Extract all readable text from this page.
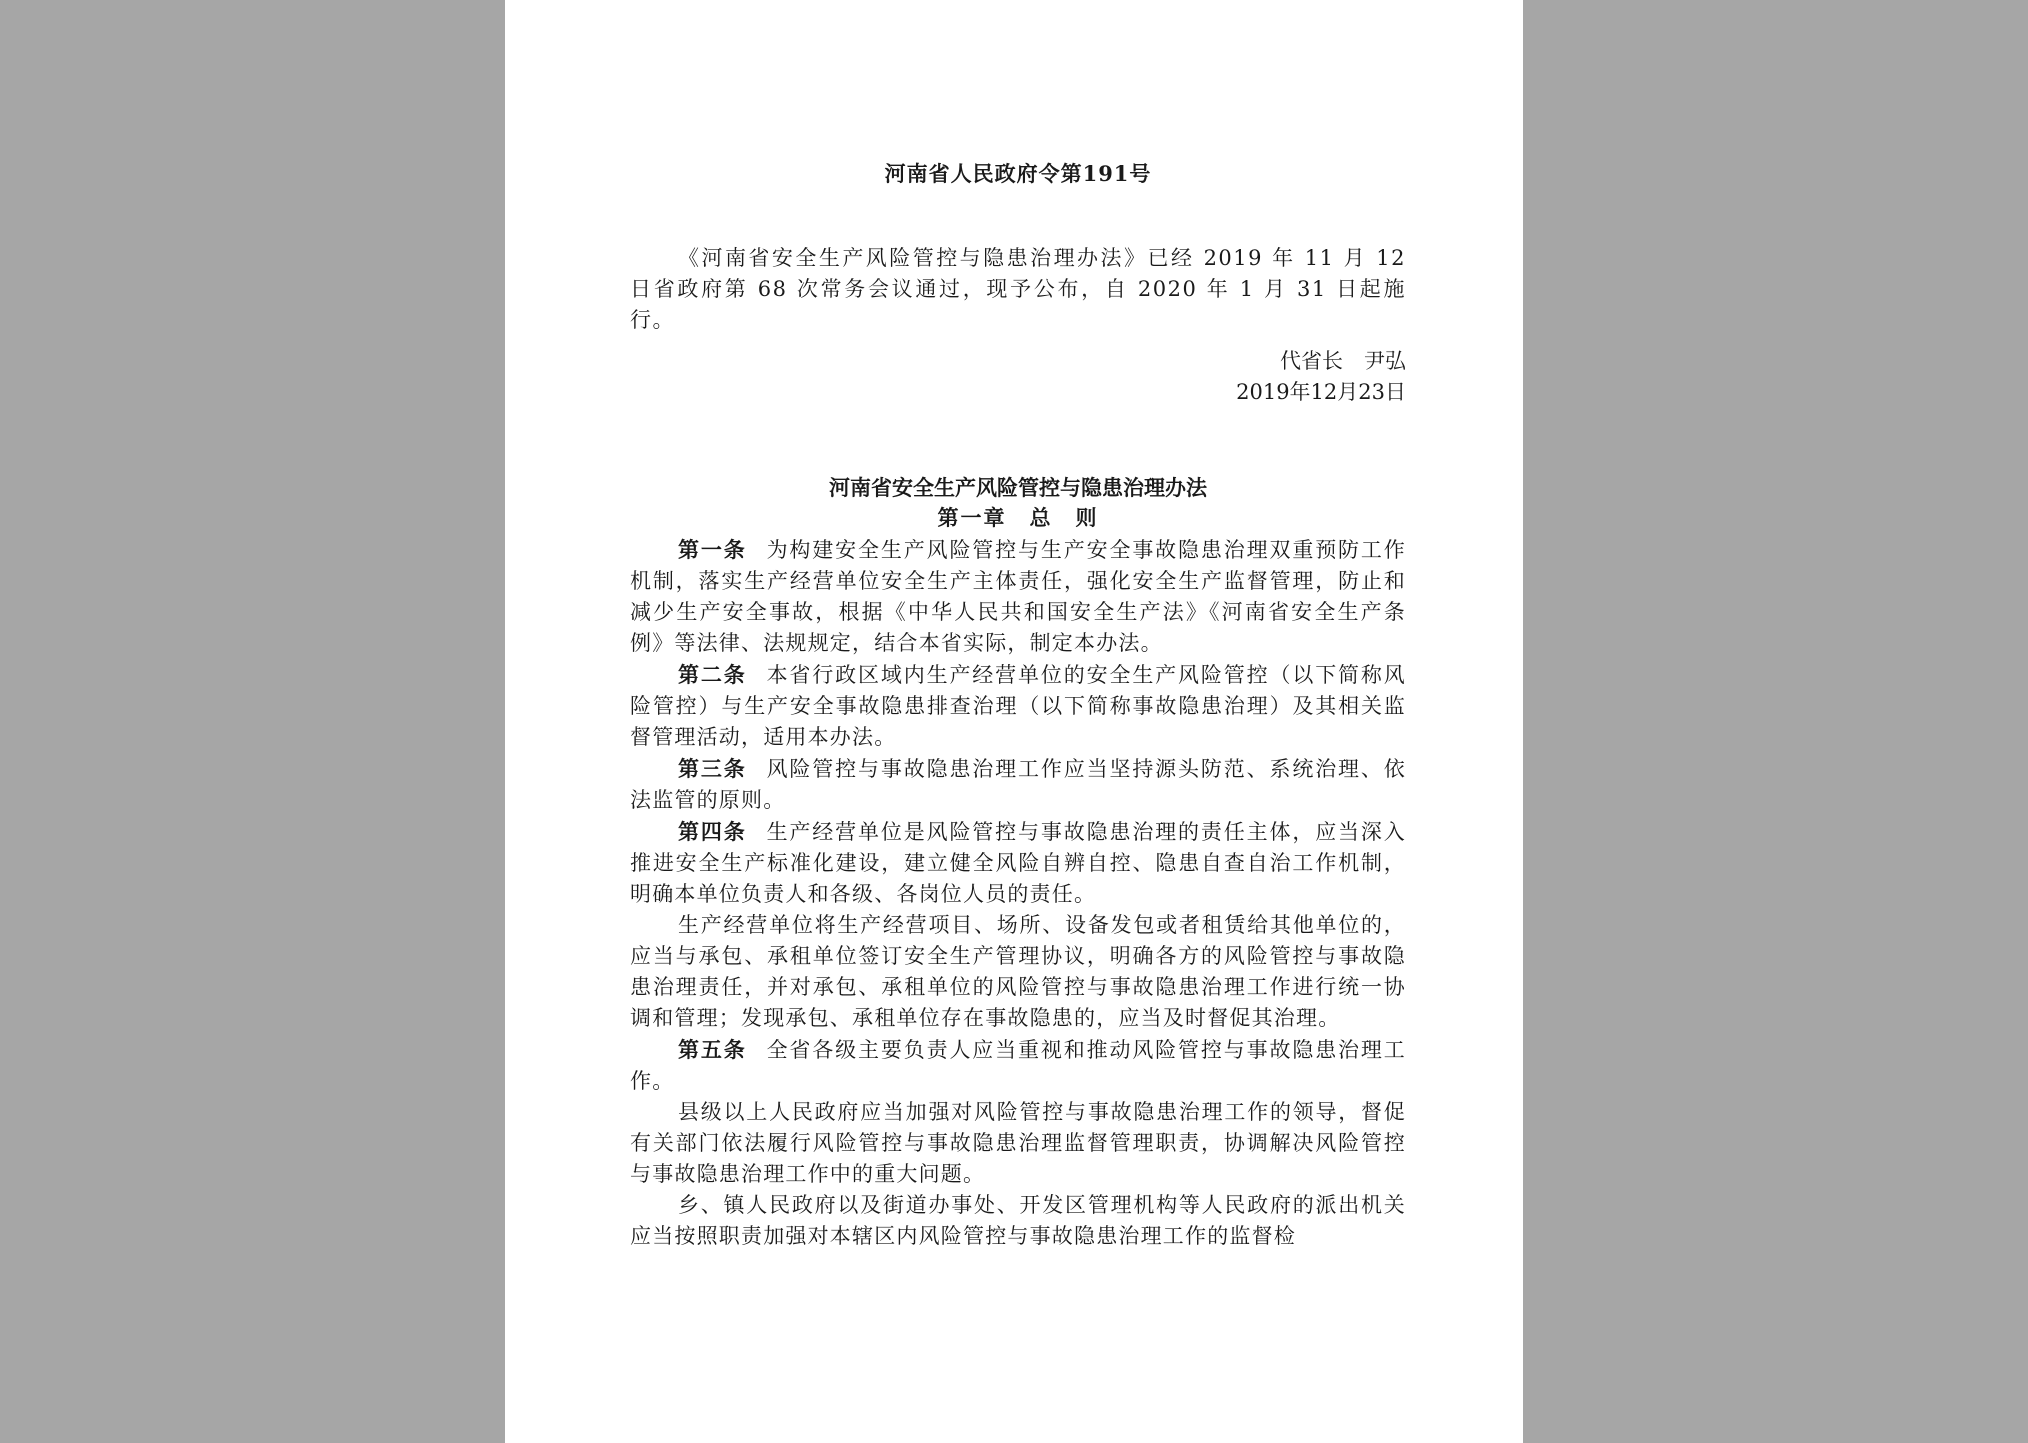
河南省人民政府令第191号

《河南省安全生产风险管控与隐患治理办法》已经 2019 年 11 月 12 日省政府第 68 次常务会议通过，现予公布，自 2020 年 1 月 31 日起施行。

代省长　尹弘
2019年12月23日
河南省安全生产风险管控与隐患治理办法
第一章　总　则

第一条 为构建安全生产风险管控与生产安全事故隐患治理双重预防工作机制，落实生产经营单位安全生产主体责任，强化安全生产监督管理，防止和减少生产安全事故，根据《中华人民共和国安全生产法》《河南省安全生产条例》等法律、法规规定，结合本省实际，制定本办法。

第二条 本省行政区域内生产经营单位的安全生产风险管控（以下简称风险管控）与生产安全事故隐患排查治理（以下简称事故隐患治理）及其相关监督管理活动，适用本办法。

第三条 风险管控与事故隐患治理工作应当坚持源头防范、系统治理、依法监管的原则。

第四条 生产经营单位是风险管控与事故隐患治理的责任主体，应当深入推进安全生产标准化建设，建立健全风险自辨自控、隐患自查自治工作机制，明确本单位负责人和各级、各岗位人员的责任。

生产经营单位将生产经营项目、场所、设备发包或者租赁给其他单位的，应当与承包、承租单位签订安全生产管理协议，明确各方的风险管控与事故隐患治理责任，并对承包、承租单位的风险管控与事故隐患治理工作进行统一协调和管理；发现承包、承租单位存在事故隐患的，应当及时督促其治理。

第五条 全省各级主要负责人应当重视和推动风险管控与事故隐患治理工作。

县级以上人民政府应当加强对风险管控与事故隐患治理工作的领导，督促有关部门依法履行风险管控与事故隐患治理监督管理职责，协调解决风险管控与事故隐患治理工作中的重大问题。

乡、镇人民政府以及街道办事处、开发区管理机构等人民政府的派出机关应当按照职责加强对本辖区内风险管控与事故隐患治理工作的监督检
